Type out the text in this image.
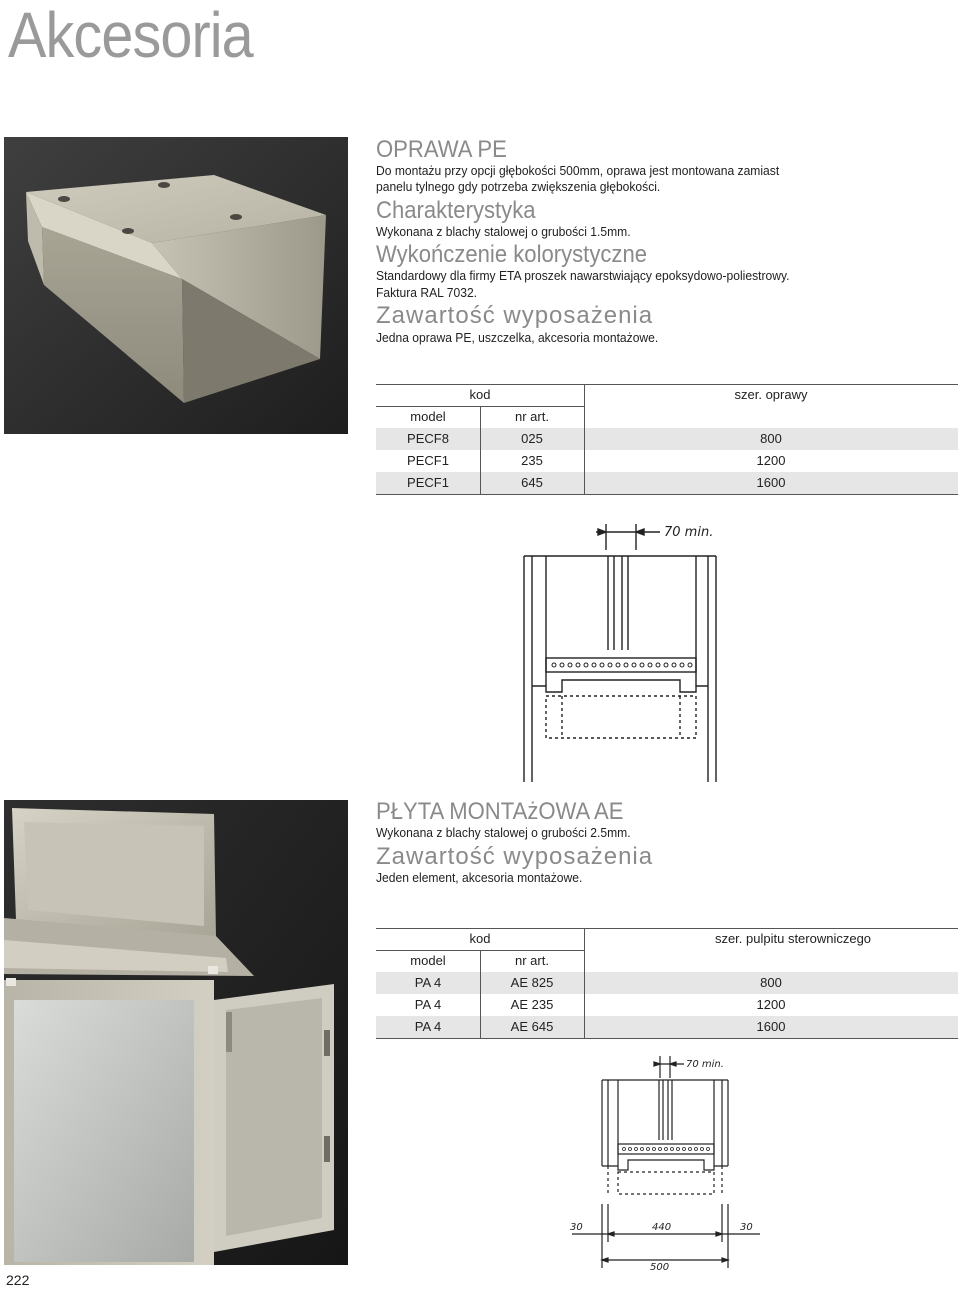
Akcesoria
OPRAWA PE
Do montażu przy opcji głębokości 500mm, oprawa jest montowana zamiast panelu tylnego gdy potrzeba zwiększenia głębokości.
Charakterystyka
Wykonana z blachy stalowej o grubości 1.5mm.
Wykończenie kolorystyczne
Standardowy dla firmy ETA proszek nawarstwiający epoksydowo-poliestrowy.
Faktura RAL 7032.
Zawartość wyposażenia
Jedna oprawa PE, uszczelka, akcesoria montażowe.
kod	szer. oprawy
model	nr art.
PECF8	025	800
PECF1	235	1200
PECF1	645	1600
70 min.
PŁYTA MONTAżOWA AE
Wykonana z blachy stalowej o grubości 2.5mm.
Zawartość wyposażenia
Jeden element, akcesoria montażowe.
kod	szer. pulpitu sterowniczego
model	nr art.
PA 4	AE 825	800
PA 4	AE 235	1200
PA 4	AE 645	1600
70 min.
30	440	30
500
222
